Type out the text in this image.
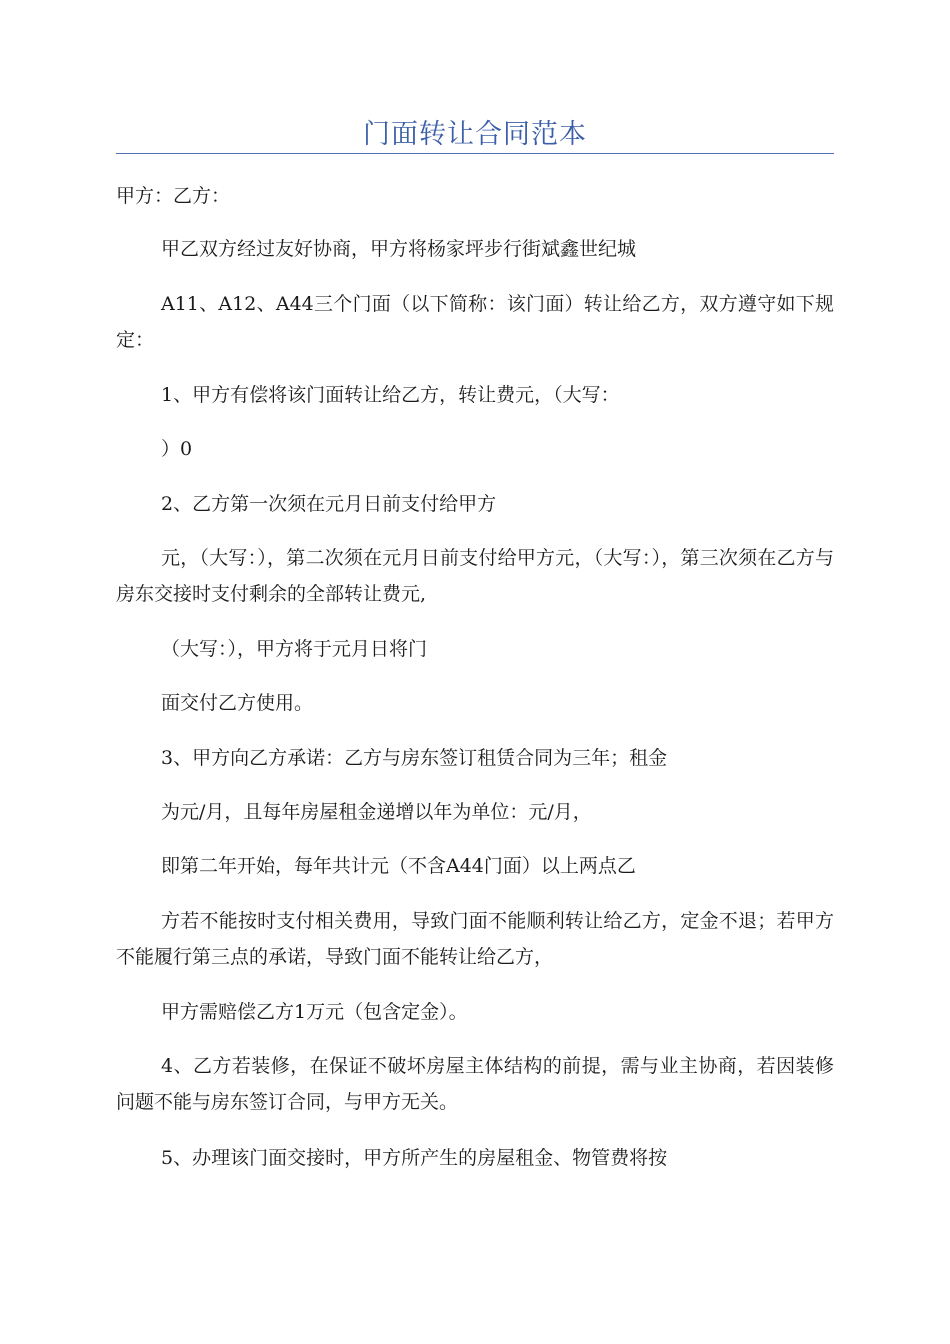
门面转让合同范本
甲方：乙方：
甲乙双方经过友好协商，甲方将杨家坪步行街斌鑫世纪城
A11、A12、A44三个门面（以下简称：该门面）转让给乙方，双方遵守如下规定：
1、甲方有偿将该门面转让给乙方，转让费元，（大写：
）0
2、乙方第一次须在元月日前支付给甲方
元，（大写：），第二次须在元月日前支付给甲方元，（大写：），第三次须在乙方与房东交接时支付剩余的全部转让费元,
（大写：），甲方将于元月日将门
面交付乙方使用。
3、甲方向乙方承诺：乙方与房东签订租赁合同为三年；租金
为元/月，且每年房屋租金递增以年为单位：元/月，
即第二年开始，每年共计元（不含A44门面）以上两点乙
方若不能按时支付相关费用，导致门面不能顺利转让给乙方，定金不退；若甲方不能履行第三点的承诺，导致门面不能转让给乙方，
甲方需赔偿乙方1万元（包含定金）。
4、乙方若装修，在保证不破坏房屋主体结构的前提，需与业主协商，若因装修问题不能与房东签订合同，与甲方无关。
5、办理该门面交接时，甲方所产生的房屋租金、物管费将按
